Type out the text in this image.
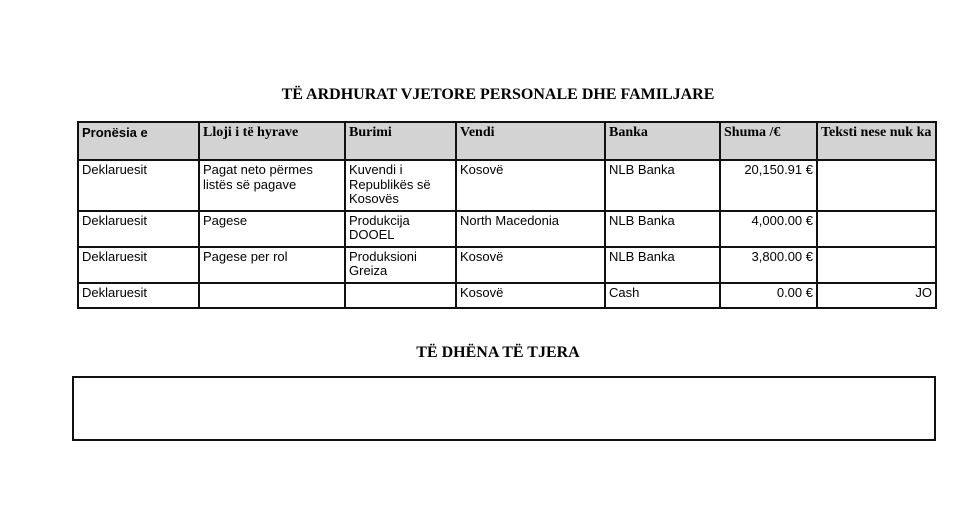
TË ARDHURAT VJETORE PERSONALE DHE FAMILJARE
Pronësia e	Lloji i të hyrave	Burimi	Vendi	Banka	Shuma /€	Teksti nese nuk ka
Deklaruesit	Pagat neto përmes listës së pagave	Kuvendi i Republikës së Kosovës	Kosovë	NLB Banka	20,150.91 €	
Deklaruesit	Pagese	Produkcija DOOEL	North Macedonia	NLB Banka	4,000.00 €	
Deklaruesit	Pagese per rol	Produksioni Greiza	Kosovë	NLB Banka	3,800.00 €	
Deklaruesit			Kosovë	Cash	0.00 €	JO
TË DHËNA TË TJERA
